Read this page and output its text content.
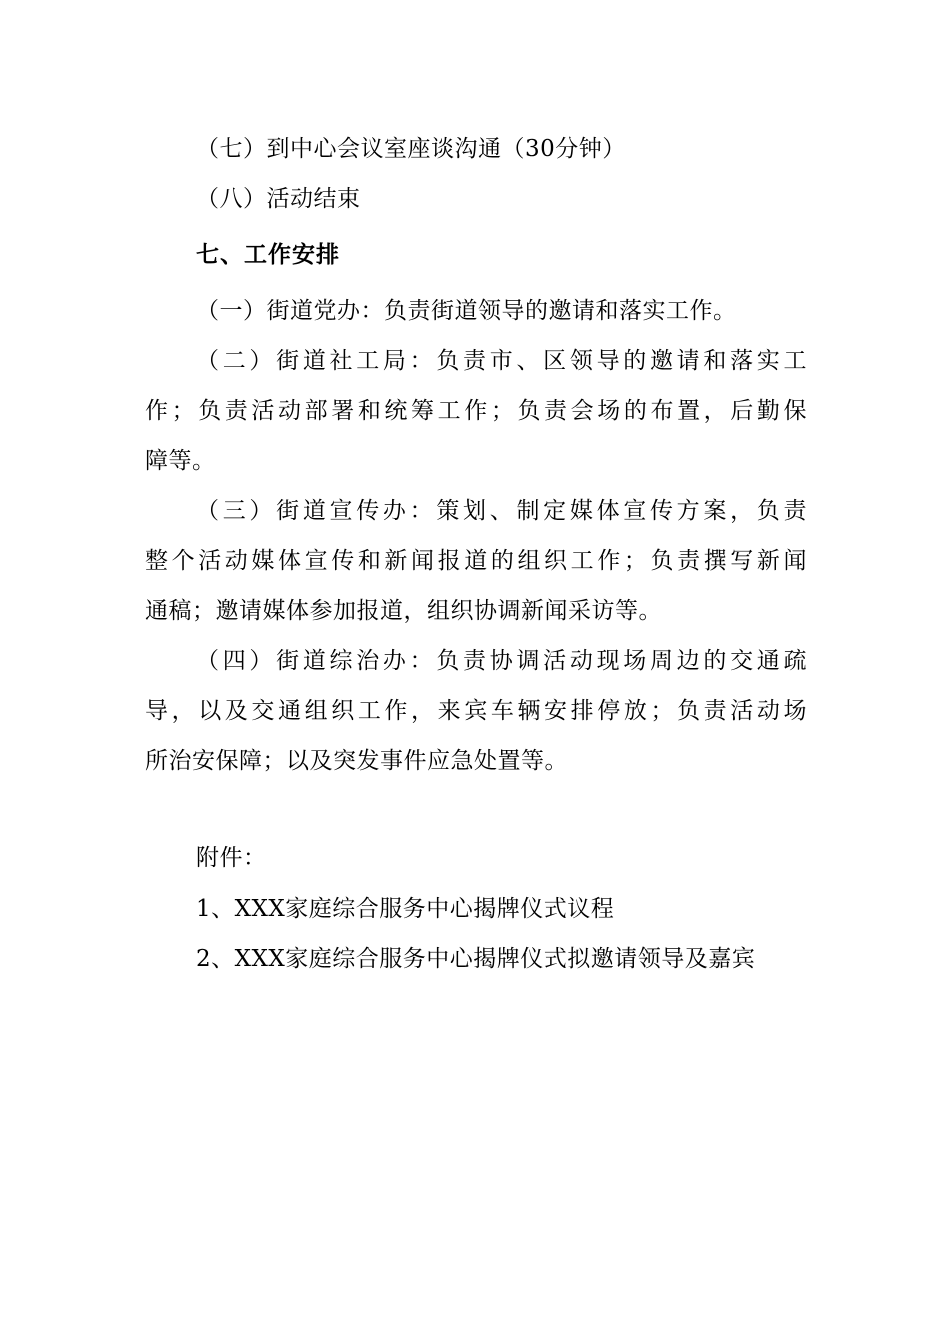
（七）到中心会议室座谈沟通（30分钟）
（八）活动结束
七、工作安排
（一）街道党办：负责街道领导的邀请和落实工作。
（二）街道社工局：负责市、区领导的邀请和落实工
作；负责活动部署和统筹工作；负责会场的布置，后勤保
障等。
（三）街道宣传办：策划、制定媒体宣传方案，负责
整个活动媒体宣传和新闻报道的组织工作；负责撰写新闻
通稿；邀请媒体参加报道，组织协调新闻采访等。
（四）街道综治办：负责协调活动现场周边的交通疏
导，以及交通组织工作，来宾车辆安排停放；负责活动场
所治安保障；以及突发事件应急处置等。
附件：
1、XXX家庭综合服务中心揭牌仪式议程
2、XXX家庭综合服务中心揭牌仪式拟邀请领导及嘉宾
